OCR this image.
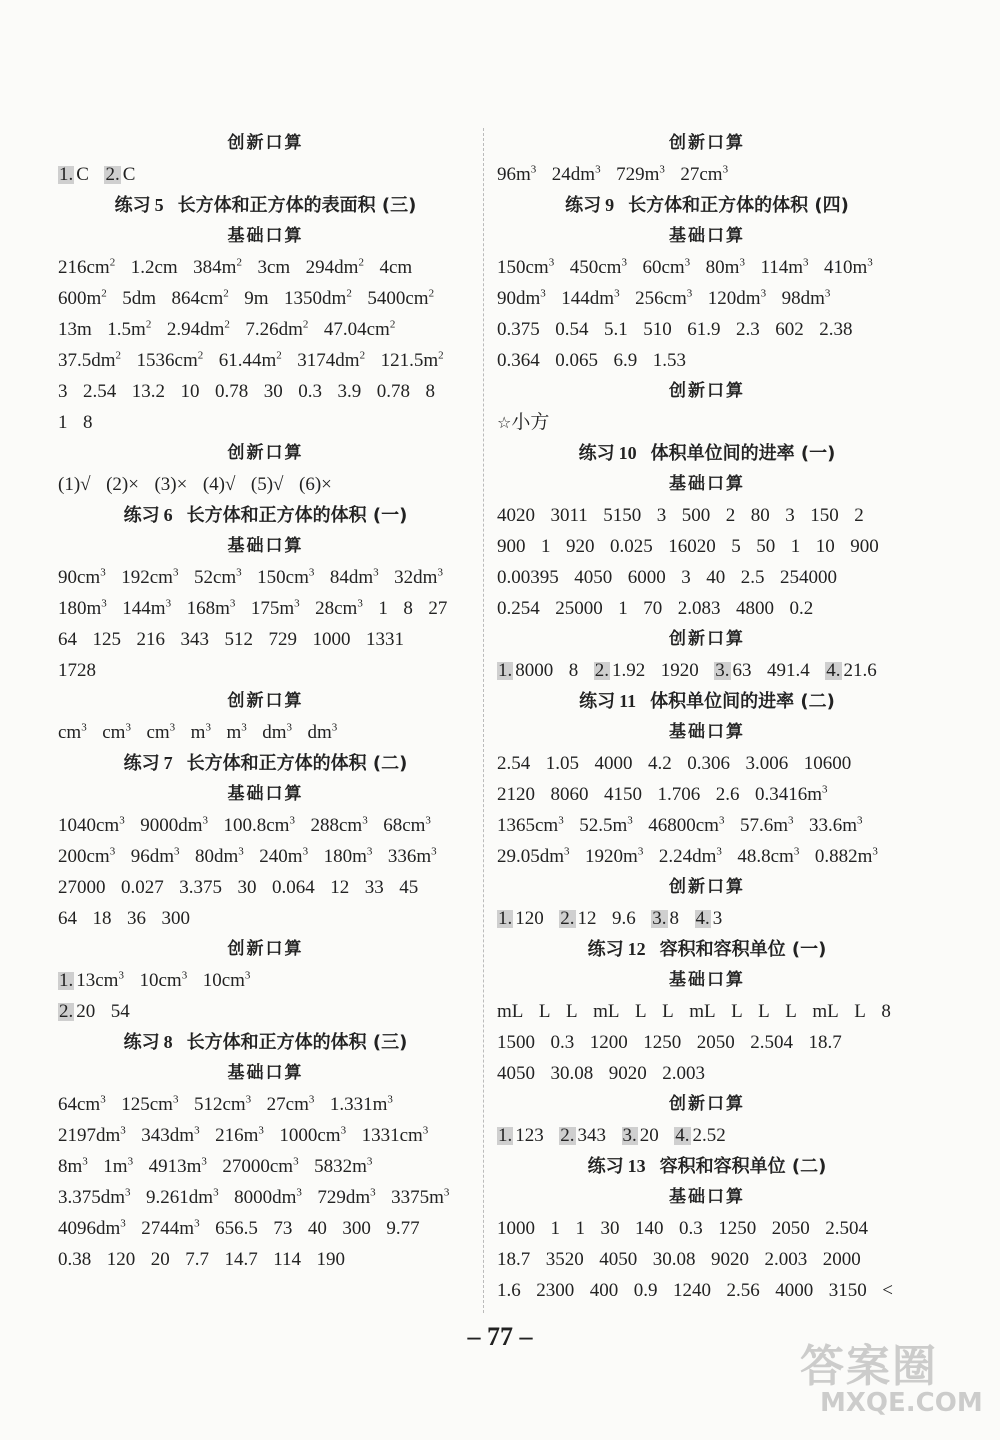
创新口算
1. C 2. C
练习 5 长方体和正方体的表面积 (三)
基础口算
$216cm^2$  1.2cm  $384m^2$  3cm  $294dm^2$  4cm
$600m^2$  5dm  $864cm^2$  9m  $1350dm^2$  $5400cm^2$
13m  $1.5m^2$  $2.94dm^2$  $7.26dm^2$  $47.04cm^2$
$37.5dm^2$  $1536cm^2$  $61.44m^2$  $3174dm^2$  $121.5m^2$
3  2.54  13.2  10  0.78  30  0.3  3.9  0.78  8
1  8
创新口算
(1)√  (2)×  (3)×  (4)√  (5)√  (6)×
练习 6 长方体和正方体的体积 (一)
基础口算
$90cm^3$  $192cm^3$  $52cm^3$  $150cm^3$  $84dm^3$  $32dm^3$
$180m^3$  $144m^3$  $168m^3$  $175m^3$  $28cm^3$  1  8  27
64  125  216  343  512  729  1000  1331
1728
创新口算
$cm^3$  $cm^3$  $cm^3$  $m^3$  $m^3$  $dm^3$  $dm^3$
练习 7 长方体和正方体的体积 (二)
基础口算
$1040cm^3$  $9000dm^3$  $100.8cm^3$  $288cm^3$  $68cm^3$
$200cm^3$  $96dm^3$  $80dm^3$  $240m^3$  $180m^3$  $336m^3$
27000  0.027  3.375  30  0.064  12  33  45
64  18  36  300
创新口算
1. $13cm^3$  $10cm^3$  $10cm^3$
2. 20  54
练习 8 长方体和正方体的体积 (三)
基础口算
$64cm^3$  $125cm^3$  $512cm^3$  $27cm^3$  $1.331m^3$
$2197dm^3$  $343dm^3$  $216m^3$  $1000cm^3$  $1331cm^3$
$8m^3$  $1m^3$  $4913m^3$  $27000cm^3$  $5832m^3$
$3.375dm^3$  $9.261dm^3$  $8000dm^3$  $729dm^3$  $3375m^3$
$4096dm^3$  $2744m^3$  656.5  73  40  300  9.77
0.38  120  20  7.7  14.7  114  190
创新口算
$96m^3$  $24dm^3$  $729m^3$  $27cm^3$
练习 9 长方体和正方体的体积 (四)
基础口算
$150cm^3$  $450cm^3$  $60cm^3$  $80m^3$  $114m^3$  $410m^3$
$90dm^3$  $144dm^3$  $256cm^3$  $120dm^3$  $98dm^3$
0.375  0.54  5.1  510  61.9  2.3  602  2.38
0.364  0.065  6.9  1.53
创新口算
☆小方
练习 10 体积单位间的进率 (一)
基础口算
4020  3011  5150  3  500  2  80  3  150  2
900  1  920  0.025  16020  5  50  1  10  900
0.00395  4050  6000  3  40  2.5  254000
0.254  25000  1  70  2.083  4800  0.2
创新口算
1. 8000  8 2. 1.92  1920 3. 63  491.4 4. 21.6
练习 11 体积单位间的进率 (二)
基础口算
2.54  1.05  4000  4.2  0.306  3.006  10600
2120  8060  4150  1.706  2.6  $0.3416m^3$
$1365cm^3$  $52.5m^3$  $46800cm^3$  $57.6m^3$  $33.6m^3$
$29.05dm^3$  $1920m^3$  $2.24dm^3$  $48.8cm^3$  $0.882m^3$
创新口算
1. 120 2. 12  9.6 3. 8 4. 3
练习 12 容积和容积单位 (一)
基础口算
mL  L  L  mL  L  L  mL  L  L  L  mL  L  8
1500  0.3  1200  1250  2050  2.504  18.7
4050  30.08  9020  2.003
创新口算
1. 123 2. 343 3. 20 4. 2.52
练习 13 容积和容积单位 (二)
基础口算
1000  1  1  30  140  0.3  1250  2050  2.504
18.7  3520  4050  30.08  9020  2.003  2000
1.6  2300  400  0.9  1240  2.56  4000  3150  <
– 77 –
答案圈
MXQE.COM
